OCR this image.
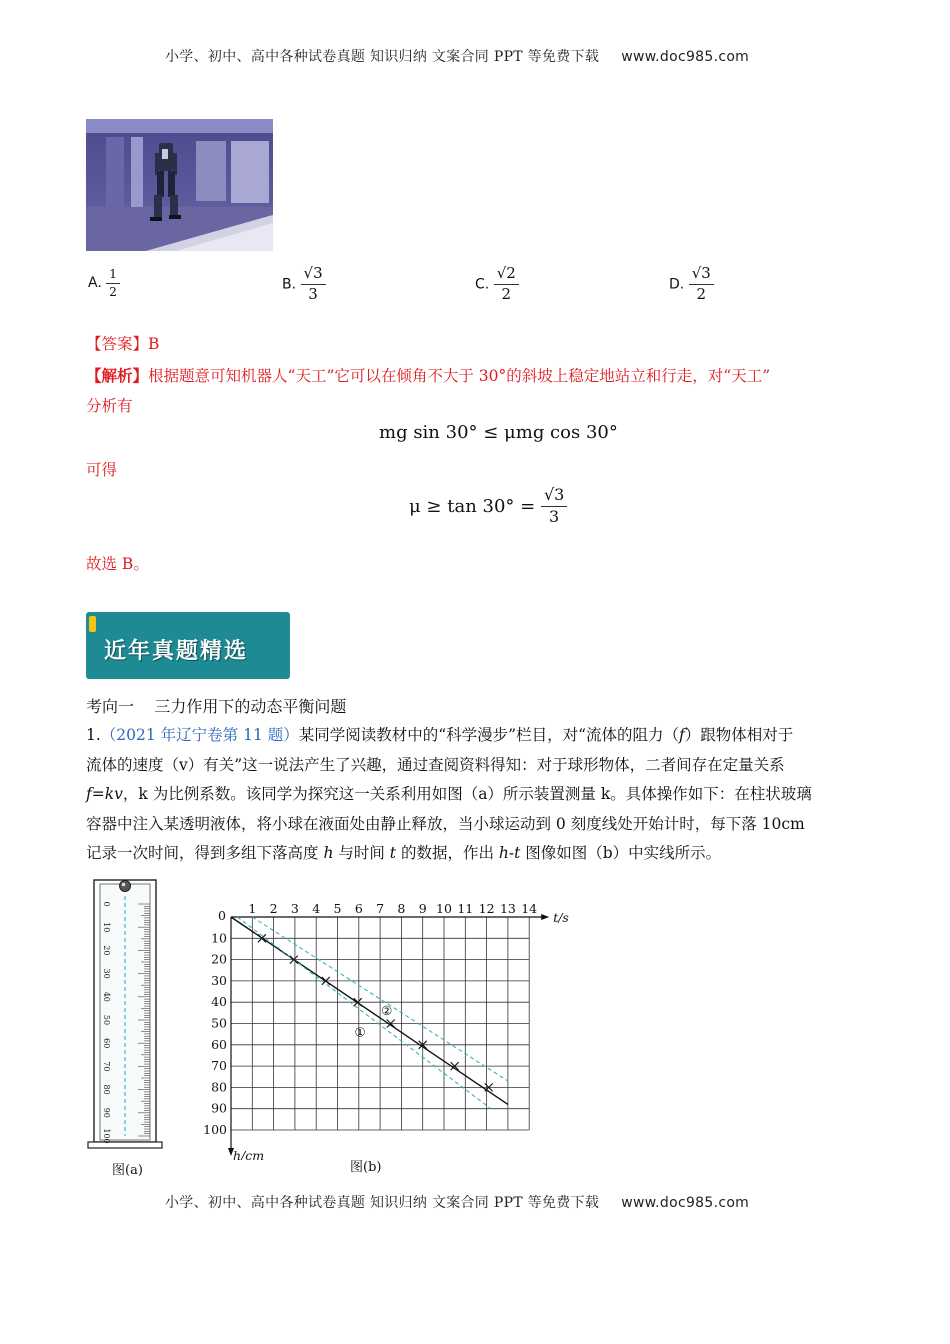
小学、初中、高中各种试卷真题 知识归纳 文案合同 PPT 等免费下载 www.doc985.com
A. $\frac{1}{2}$	B. $\frac{√3}{3}$	C. $\frac{√2}{2}$	D. $\frac{√3}{2}$
【答案】B
【解析】根据题意可知机器人“天工”它可以在倾角不大于 30°的斜坡上稳定地站立和行走，对“天工”
分析有
mg sin 30° ≤ μmg cos 30°
可得
$\mu \ge \tan 30^\circ = \frac{√3}{3}$
故选 B。
近年真题精选
考向一    三力作用下的动态平衡问题
1.（2021 年辽宁卷第 11 题）某同学阅读教材中的“科学漫步”栏目，对“流体的阻力（f）跟物体相对于
流体的速度（v）有关”这一说法产生了兴趣，通过查阅资料得知：对于球形物体，二者间存在定量关系
f=kv，k 为比例系数。该同学为探究这一关系利用如图（a）所示装置测量 k。具体操作如下：在柱状玻璃
容器中注入某透明液体，将小球在液面处由静止释放，当小球运动到 0 刻度线处开始计时，每下落 10cm
记录一次时间，得到多组下落高度 h 与时间 t 的数据，作出 h-t 图像如图（b）中实线所示。
0
10
20
30
40
50
60
70
80
90
100
图(a)
1 2 3 4 5 6 7 8 9 10 11 12 13 14
10
20
30
40
50
60
70
80
90
100
0	t/s
h/cm
①
②
图(b)
小学、初中、高中各种试卷真题 知识归纳 文案合同 PPT 等免费下载 www.doc985.com
